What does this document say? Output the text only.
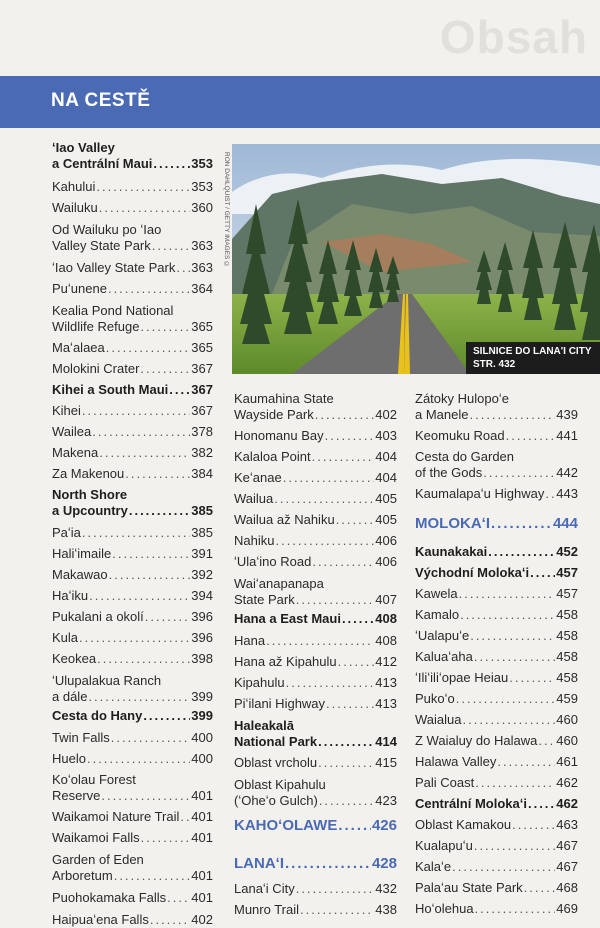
Obsah
NA CESTĚ
RON DAHLQUIST / GETTY IMAGES ©
SILNICE DO LANA'I CITY
STR. 432
ʻIao Valley
a Centrální Maui .....	353
Kahului .....	353
Wailuku .....	360
Od Wailuku po ʻIao
Valley State Park .....	363
ʻIao Valley State Park ..... 363
Puʻunene .....	364
Kealia Pond National
Wildlife Refuge .....	365
Maʻalaea .....	365
Molokini Crater .....	367
Kihei a South Maui ..... 367
Kihei .....	367
Wailea .....	378
Makena .....	382
Za Makenou .....	384
North Shore
a Upcountry .....	385
Paʻia .....	385
Haliʻimaile .....	391
Makawao .....	392
Haʻiku .....	394
Pukalani a okolí .....	396
Kula .....	396
Keokea .....	398
ʻUlupalakua Ranch
a dále .....	399
Cesta do Hany .....	399
Twin Falls .....	400
Huelo .....	400
Koʻolau Forest
Reserve .....	401
Waikamoi Nature Trail ..... 401
Waikamoi Falls .....	401
Garden of Eden
Arboretum .....	401
Puohokamaka Falls ..... 401
Haipuaʻena Falls .....	402
Kaumahina State
Wayside Park .....	402
Honomanu Bay .....	403
Kalaloa Point .....	404
Keʻanae .....	404
Wailua .....	405
Wailua až Nahiku .....	405
Nahiku .....	406
ʻUlaʻino Road .....	406
Waiʻanapanapa
State Park .....	407
Hana a East Maui .....	408
Hana .....	408
Hana až Kipahulu .....	412
Kipahulu .....	413
Piʻilani Highway .....	413
Haleakalā
National Park .....	414
Oblast vrcholu .....	415
Oblast Kipahulu
(ʻOheʻo Gulch) .....	423
KAHOʻOLAWE ..... 426
LANAʻI .....	428
Lanaʻi City .....	432
Munro Trail .....	438
Zátoky Hulopoʻe
a Manele .....	439
Keomuku Road .....	441
Cesta do Garden
of the Gods .....	442
Kaumalapaʻu Highway ..... 443
MOLOKAʻI .....	444
Kaunakakai .....	452
Východní Molokaʻi ..... 457
Kawela .....	457
Kamalo .....	458
ʻUalapuʻe .....	458
Kaluaʻaha .....	458
ʻIliʻiliʻopae Heiau .....	458
Pukoʻo .....	459
Waialua .....	460
Z Waialuy do Halawa ..... 460
Halawa Valley .....	461
Pali Coast .....	462
Centrální Molokaʻi ..... 462
Oblast Kamakou .....	463
Kualapuʻu .....	467
Kalaʻe .....	467
Palaʻau State Park .....	468
Hoʻolehua .....	469
